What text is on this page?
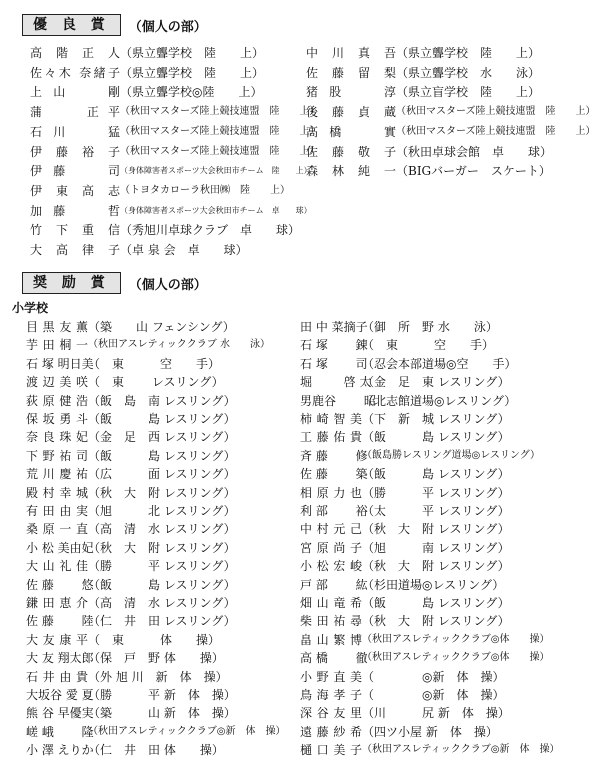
優 良 賞	（個人の部）
高 階 正 人 （県立聾学校　陸　　上）
佐々木 奈緒子 （県立聾学校　陸　　上）
上 山　　 剛 （県立聾学校◎陸　　上）
蒲 　　 正 平 （秋田マスターズ陸上競技連盟　陸　　上）
石 川　　 猛 （秋田マスターズ陸上競技連盟　陸　　上）
伊 藤 裕 子 （秋田マスターズ陸上競技連盟　陸　　上）
伊 藤　　 司 （身体障害者スポーツ大会秋田市チーム　陸　　上）
伊 東 高 志 （トヨタカローラ秋田㈱　陸　　上）
加 藤　　 哲 （身体障害者スポーツ大会秋田市チーム　卓　　球）
竹 下 重 信 （秀旭川卓球クラブ　卓　　球）
大 高 律 子 （卓 泉 会　卓　　球）
中 川 真 吾 （県立聾学校　陸　　上）
佐 藤 留 梨 （県立聾学校　水　　泳）
猪 股　　 淳 （県立盲学校　陸　　上）
後 藤 貞 蔵 （秋田マスターズ陸上競技連盟　陸　　上）
高 橋　　 實 （秋田マスターズ陸上競技連盟　陸　　上）
佐 藤 敬 子 （秋田卓球会館　卓　　球）
森 林 純 一 （BIGバーガー　スケート）
奨 励 賞	（個人の部）
小学校
目 黒 友 薫 （築　　山 フェンシング）
芋 田 桐 一 （秋田アスレティッククラブ 水　　泳）
石 塚 明日美
（　東　　　空　　手）
渡 辺 美 咲 （　東　　 レスリング）
荻 原 健 浩 （飯　島　南 レスリング）
保 坂 勇 斗 （飯　　　島 レスリング）
奈 良 珠 妃 （金　足　西 レスリング）
下 野 祐 司 （飯　　　島 レスリング）
荒 川 慶 祐 （広　　　面 レスリング）
殿 村 幸 城 （秋　大　附 レスリング）
有 田 由 実 （旭　　　北 レスリング）
桑 原 一 直 （高　清　水 レスリング）
小 松 美由妃
（秋　大　附 レスリング）
大 山 礼 佳 （勝　　　平 レスリング）
佐 藤　　 悠
（飯　　　島 レスリング）
鎌 田 恵 介 （高　清　水 レスリング）
佐 藤　　 陸
（仁　井　田 レスリング）
大 友 康 平 （　東　　　体　　操）
大 友 翔太郎
（保　戸　野 体　　操）
石 井 由 貴 （外 旭 川　新　体　操）
大坂谷 愛 夏
（勝　　　平 新　体　操）
熊 谷 早優実
（築　　　山 新　体　操）
嵯 峨　　 隆
（秋田アスレティッククラブ◎新　体　操）
小 澤 えりか
（仁　井　田 体　　操）
田 中 菜摘子
（御　所　野 水　　泳）
石 塚　　 錬
（　東　　　空　　手）
石 塚　　 司
（忍会本部道場◎空　　手）
堀 　　 啓 太
（金　足　東 レスリング）
男鹿谷　　 昭
（北志館道場◎レスリング）
柿 崎 智 美 （下　新　城 レスリング）
工 藤 佑 貴 （飯　　　島 レスリング）
斉 藤　　 修
（飯島勝レスリング道場◎レスリング）
佐 藤　　 築
（飯　　　島 レスリング）
相 原 力 也 （勝　　　平 レスリング）
利 部　　 裕
（太　　　平 レスリング）
中 村 元 己 （秋　大　附 レスリング）
宮 原 尚 子 （旭　　　南 レスリング）
小 松 宏 峻 （秋　大　附 レスリング）
戸 部　　 紘
（杉田道場◎レスリング）
畑 山 竜 希 （飯　　　島 レスリング）
柴 田 祐 尋 （秋　大　附 レスリング）
畠 山 繁 博 （秋田アスレティッククラブ◎体　　操）
高 橋　　 徹
（秋田アスレティッククラブ◎体　　操）
小 野 直 美 （　　　　◎新　体　操）
鳥 海 孝 子 （　　　　◎新　体　操）
深 谷 友 里 （川　　　尻 新　体　操）
遠 藤 紗 希 （四ツ小屋 新　体　操）
樋 口 美 子 （秋田アスレティッククラブ◎新　体　操）
